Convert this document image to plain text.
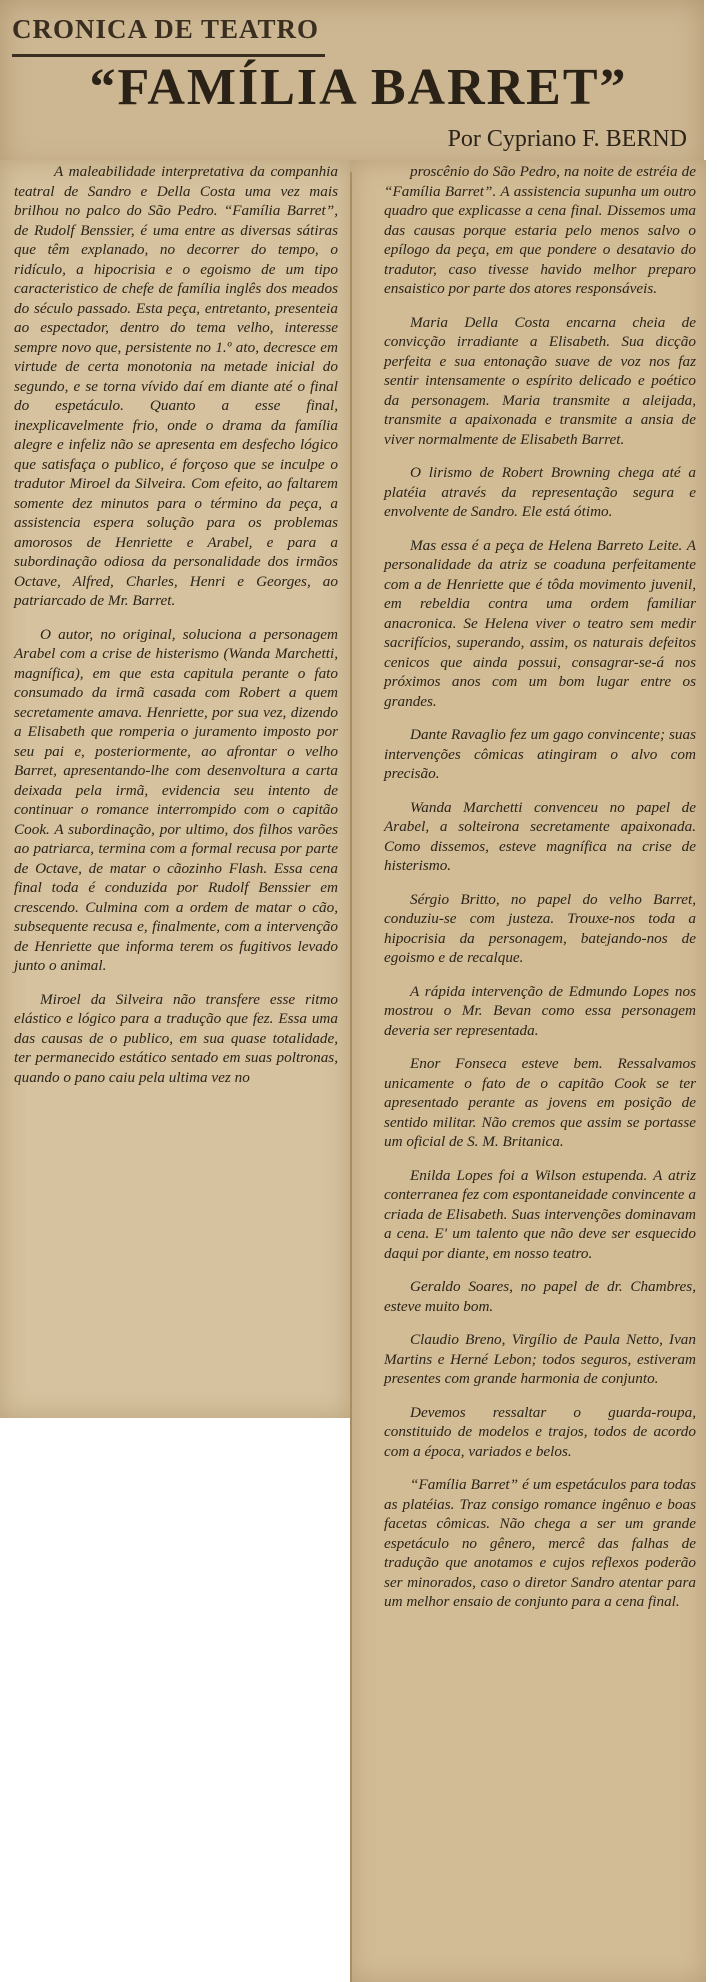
CRONICA DE TEATRO
“FAMÍLIA BARRET”
Por Cypriano F. BERND

A maleabilidade interpretativa da companhia teatral de Sandro e Della Costa uma vez mais brilhou no palco do São Pedro. “Família Barret”, de Rudolf Benssier, é uma entre as diversas sátiras que têm explanado, no decorrer do tempo, o ridículo, a hipocrisia e o egoismo de um tipo caracteristico de chefe de família inglês dos meados do século passado. Esta peça, entretanto, presenteia ao espectador, dentro do tema velho, interesse sempre novo que, persistente no 1.º ato, decresce em virtude de certa monotonia na metade inicial do segundo, e se torna vívido daí em diante até o final do espetáculo. Quanto a esse final, inexplicavelmente frio, onde o drama da família alegre e infeliz não se apresenta em desfecho lógico que satisfaça o publico, é forçoso que se inculpe o tradutor Miroel da Silveira. Com efeito, ao faltarem somente dez minutos para o término da peça, a assistencia espera solução para os problemas amorosos de Henriette e Arabel, e para a subordinação odiosa da personalidade dos irmãos Octave, Alfred, Charles, Henri e Georges, ao patriarcado de Mr. Barret.

O autor, no original, soluciona a personagem Arabel com a crise de histerismo (Wanda Marchetti, magnífica), em que esta capitula perante o fato consumado da irmã casada com Robert a quem secretamente amava. Henriette, por sua vez, dizendo a Elisabeth que romperia o juramento imposto por seu pai e, posteriormente, ao afrontar o velho Barret, apresentando-lhe com desenvoltura a carta deixada pela irmã, evidencia seu intento de continuar o romance interrompido com o capitão Cook. A subordinação, por ultimo, dos filhos varões ao patriarca, termina com a formal recusa por parte de Octave, de matar o cãozinho Flash. Essa cena final toda é conduzida por Rudolf Benssier em crescendo. Culmina com a ordem de matar o cão, subsequente recusa e, finalmente, com a intervenção de Henriette que informa terem os fugitivos levado junto o animal.

Miroel da Silveira não transfere esse ritmo elástico e lógico para a tradução que fez. Essa uma das causas de o publico, em sua quase totalidade, ter permanecido estático sentado em suas poltronas, quando o pano caiu pela ultima vez no

proscênio do São Pedro, na noite de estréia de “Família Barret”. A assistencia supunha um outro quadro que explicasse a cena final. Dissemos uma das causas porque estaria pelo menos salvo o epílogo da peça, em que pondere o desatavio do tradutor, caso tivesse havido melhor preparo ensaistico por parte dos atores responsáveis.

Maria Della Costa encarna cheia de convicção irradiante a Elisabeth. Sua dicção perfeita e sua entonação suave de voz nos faz sentir intensamente o espírito delicado e poético da personagem. Maria transmite a aleijada, transmite a apaixonada e transmite a ansia de viver normalmente de Elisabeth Barret.

O lirismo de Robert Browning chega até a platéia através da representação segura e envolvente de Sandro. Ele está ótimo.

Mas essa é a peça de Helena Barreto Leite. A personalidade da atriz se coaduna perfeitamente com a de Henriette que é tôda movimento juvenil, em rebeldia contra uma ordem familiar anacronica. Se Helena viver o teatro sem medir sacrifícios, superando, assim, os naturais defeitos cenicos que ainda possui, consagrar-se-á nos próximos anos com um bom lugar entre os grandes.

Dante Ravaglio fez um gago convincente; suas intervenções cômicas atingiram o alvo com precisão.

Wanda Marchetti convenceu no papel de Arabel, a solteirona secretamente apaixonada. Como dissemos, esteve magnífica na crise de histerismo.

Sérgio Britto, no papel do velho Barret, conduziu-se com justeza. Trouxe-nos toda a hipocrisia da personagem, batejando-nos de egoismo e de recalque.

A rápida intervenção de Edmundo Lopes nos mostrou o Mr. Bevan como essa personagem deveria ser representada.

Enor Fonseca esteve bem. Ressalvamos unicamente o fato de o capitão Cook se ter apresentado perante as jovens em posição de sentido militar. Não cremos que assim se portasse um oficial de S. M. Britanica.

Enilda Lopes foi a Wilson estupenda. A atriz conterranea fez com espontaneidade convincente a criada de Elisabeth. Suas intervenções dominavam a cena. E' um talento que não deve ser esquecido daqui por diante, em nosso teatro.

Geraldo Soares, no papel de dr. Chambres, esteve muito bom.

Claudio Breno, Virgílio de Paula Netto, Ivan Martins e Herné Lebon; todos seguros, estiveram presentes com grande harmonia de conjunto.

Devemos ressaltar o guarda-roupa, constituido de modelos e trajos, todos de acordo com a época, variados e belos.

“Família Barret” é um espetáculos para todas as platéias. Traz consigo romance ingênuo e boas facetas cômicas. Não chega a ser um grande espetáculo no gênero, mercê das falhas de tradução que anotamos e cujos reflexos poderão ser minorados, caso o diretor Sandro atentar para um melhor ensaio de conjunto para a cena final.
